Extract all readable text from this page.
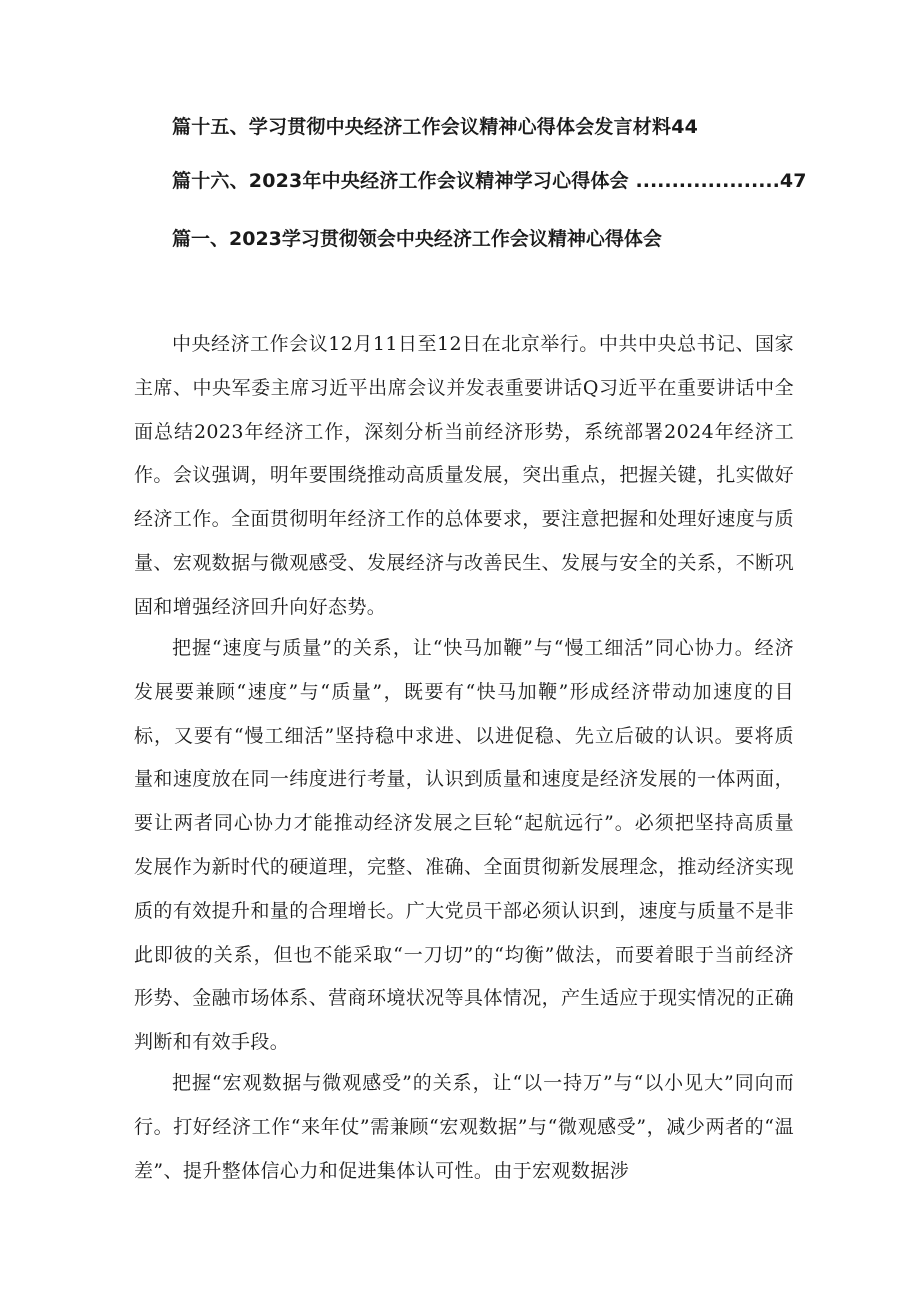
篇十五、学习贯彻中央经济工作会议精神心得体会发言材料44
篇十六、2023年中央经济工作会议精神学习心得体会 ....................47
篇一、2023学习贯彻领会中央经济工作会议精神心得体会

中央经济工作会议12月11日至12日在北京举行。中共中央总书记、国家主席、中央军委主席习近平出席会议并发表重要讲话Q习近平在重要讲话中全面总结2023年经济工作，深刻分析当前经济形势，系统部署2024年经济工作。会议强调，明年要围绕推动高质量发展，突出重点，把握关键，扎实做好经济工作。全面贯彻明年经济工作的总体要求，要注意把握和处理好速度与质量、宏观数据与微观感受、发展经济与改善民生、发展与安全的关系，不断巩固和增强经济回升向好态势。

把握“速度与质量”的关系，让“快马加鞭”与“慢工细活”同心协力。经济发展要兼顾“速度”与“质量”，既要有“快马加鞭”形成经济带动加速度的目标，又要有“慢工细活”坚持稳中求进、以进促稳、先立后破的认识。要将质量和速度放在同一纬度进行考量，认识到质量和速度是经济发展的一体两面，要让两者同心协力才能推动经济发展之巨轮“起航远行”。必须把坚持高质量发展作为新时代的硬道理，完整、准确、全面贯彻新发展理念，推动经济实现质的有效提升和量的合理增长。广大党员干部必须认识到，速度与质量不是非此即彼的关系，但也不能采取“一刀切”的“均衡”做法，而要着眼于当前经济形势、金融市场体系、营商环境状况等具体情况，产生适应于现实情况的正确判断和有效手段。

把握“宏观数据与微观感受”的关系，让“以一持万”与“以小见大”同向而行。打好经济工作“来年仗”需兼顾“宏观数据”与“微观感受”，减少两者的“温差”、提升整体信心力和促进集体认可性。由于宏观数据涉
